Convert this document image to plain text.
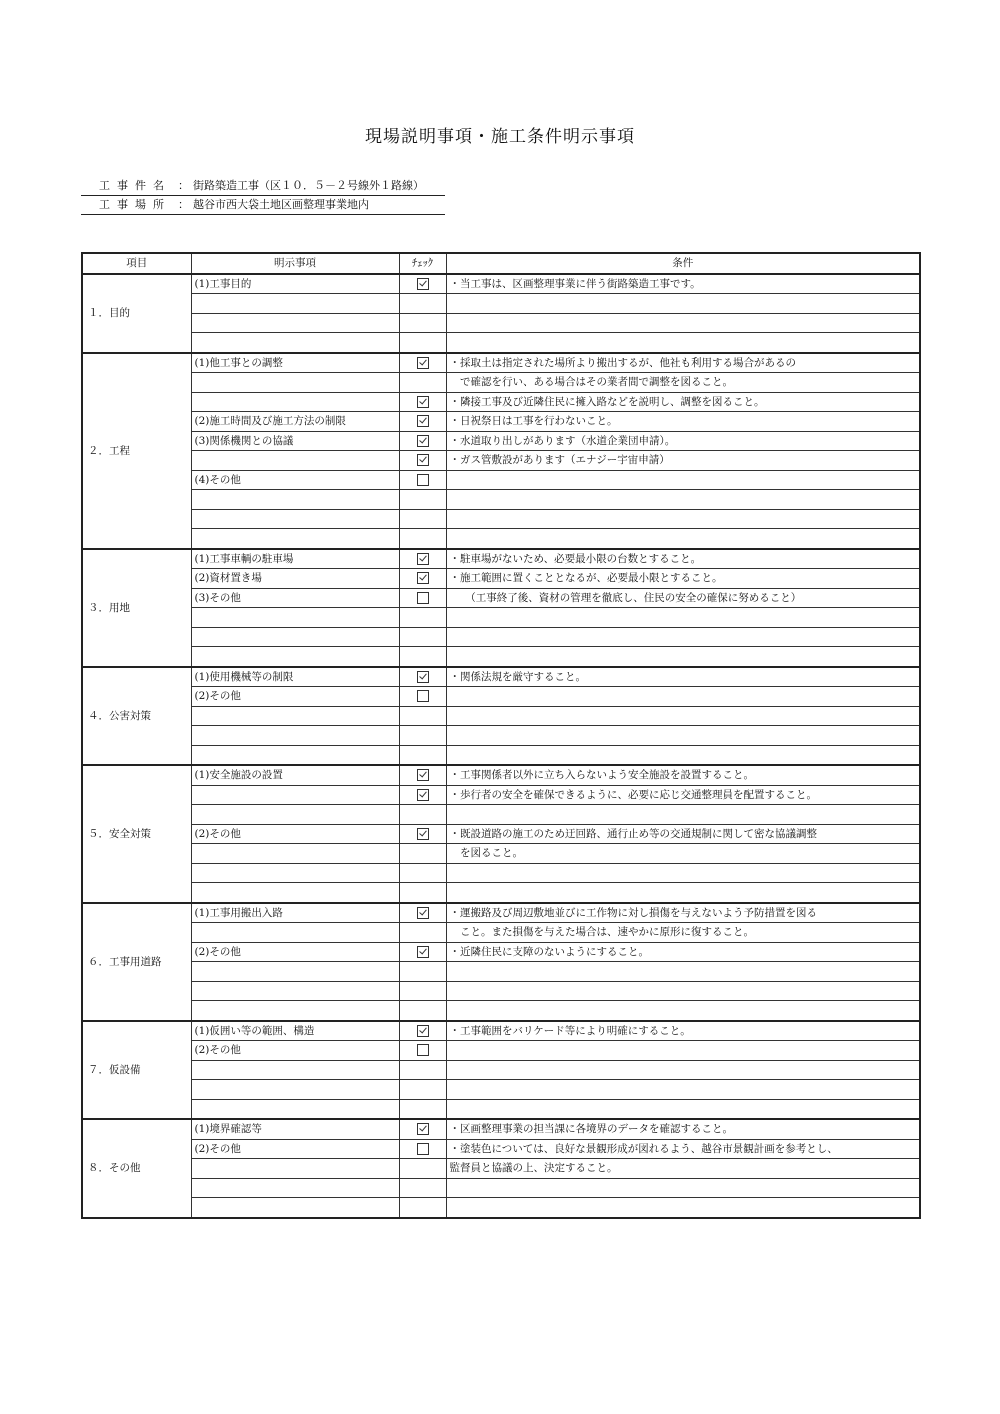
現場説明事項・施工条件明示事項
工事件名 ： 街路築造工事（区１０．５－２号線外１路線）
工事場所 ： 越谷市西大袋土地区画整理事業地内
項目	明示事項	ﾁｪｯｸ	条件
１．目的	(1)工事目的		・当工事は、区画整理事業に伴う街路築造工事です。

２．工程	(1)他工事との調整		・採取土は指定された場所より搬出するが、他社も利用する場合があるの
			　で確認を行い、ある場合はその業者間で調整を図ること。
			・隣接工事及び近隣住民に擁入路などを説明し、調整を図ること。
	(2)施工時間及び施工方法の制限		・日祝祭日は工事を行わないこと。
	(3)関係機関との協議		・水道取り出しがあります（水道企業団申請）。
			・ガス管敷設があります（エナジー宇宙申請）
	(4)その他		

３．用地	(1)工事車輌の駐車場		・駐車場がないため、必要最小限の台数とすること。
	(2)資材置き場		・施工範囲に置くこととなるが、必要最小限とすること。
	(3)その他		　　（工事終了後、資材の管理を徹底し、住民の安全の確保に努めること）

４．公害対策	(1)使用機械等の制限		・関係法規を厳守すること。
	(2)その他		

５．安全対策	(1)安全施設の設置		・工事関係者以外に立ち入らないよう安全施設を設置すること。
			・歩行者の安全を確保できるように、必要に応じ交通整理員を配置すること。

	(2)その他		・既設道路の施工のため迂回路、通行止め等の交通規制に関して密な協議調整
			　を図ること。

６．工事用道路	(1)工事用搬出入路		・運搬路及び周辺敷地並びに工作物に対し損傷を与えないよう予防措置を図る
			　こと。また損傷を与えた場合は、速やかに原形に復すること。
	(2)その他		・近隣住民に支障のないようにすること。

７．仮設備	(1)仮囲い等の範囲、構造		・工事範囲をバリケード等により明確にすること。
	(2)その他		

８．その他	(1)境界確認等		・区画整理事業の担当課に各境界のデータを確認すること。
	(2)その他		・塗装色については、良好な景観形成が図れるよう、越谷市景観計画を参考とし、
			監督員と協議の上、決定すること。
